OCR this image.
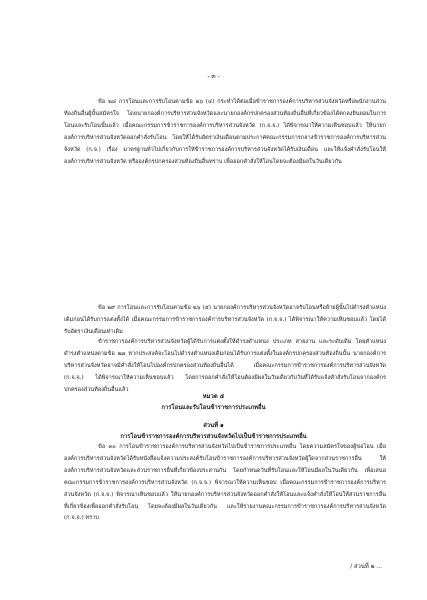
- ๓ -

ข้อ ๒๘ การโอนและการรับโอนตามข้อ ๒๖ (๔) กระทำได้ต่อเมื่อข้าราชการองค์การบริหารส่วนจังหวัดหรือพนักงานส่วนท้องถิ่นอื่นผู้นั้นสมัครใจ โดยนายกองค์การบริหารส่วนจังหวัดและนายกองค์กรปกครองส่วนท้องถิ่นอื่นที่เกี่ยวข้องได้ตกลงยินยอมในการโอนและรับโอนนั้นแล้ว เมื่อคณะกรรมการข้าราชการองค์การบริหารส่วนจังหวัด (ก.จ.จ.) ได้พิจารณาให้ความเห็นชอบแล้ว ให้นายกองค์การบริหารส่วนจังหวัดออกคำสั่งรับโอน โดยให้ได้รับอัตราเงินเดือนตามประกาศคณะกรรมการกลางข้าราชการองค์การบริหารส่วนจังหวัด (ก.จ.) เรื่อง มาตรฐานทั่วไปเกี่ยวกับการให้ข้าราชการองค์การบริหารส่วนจังหวัดได้รับเงินเดือน และให้แจ้งคำสั่งรับโอนให้องค์การบริหารส่วนจังหวัด หรือองค์กรปกครองส่วนท้องถิ่นอื่นทราบ เพื่อออกคำสั่งให้โอนโดยจะต้องมีผลในวันเดียวกัน

ข้อ ๒๙ การโอนและการรับโอนตามข้อ ๒๖ (๕) นายกองค์การบริหารส่วนจังหวัดอาจรับโอนหรือย้ายผู้นั้นไปดำรงตำแหน่งเดิมก่อนได้รับการแต่งตั้งได้ เมื่อคณะกรรมการข้าราชการองค์การบริหารส่วนจังหวัด (ก.จ.จ.) ได้พิจารณาให้ความเห็นชอบแล้ว โดยได้รับอัตราเงินเดือนเท่าเดิม

ข้าราชการองค์การบริหารส่วนจังหวัดผู้ได้รับการแต่งตั้งให้ดำรงตำแหน่ง ประเภท สายงาน และระดับเดิม โดยตำแหน่งดำรงตำแหน่งตามข้อ ๒๗ หากประสงค์จะโอนไปดำรงตำแหน่งเดิมก่อนได้รับการแต่งตั้งในองค์กรปกครองส่วนท้องถิ่นนั้น นายกองค์การบริหารส่วนจังหวัดอาจมีคำสั่งให้โอนไปองค์กรปกครองส่วนท้องถิ่นอื่นได้ เมื่อคณะกรรมการข้าราชการองค์การบริหารส่วนจังหวัด (ก.จ.จ.) ได้พิจารณาให้ความเห็นชอบแล้ว โดยการออกคำสั่งให้โอนต้องมีผลในวันเดียวกับวันที่ได้รับแจ้งคำสั่งรับโอนจากองค์กรปกครองส่วนท้องถิ่นอื่นแล้ว

หมวด ๕
การโอนและรับโอนข้าราชการประเภทอื่น
ส่วนที่ ๑
การโอนข้าราชการองค์การบริหารส่วนจังหวัดไปเป็นข้าราชการประเภทอื่น

ข้อ ๓๐ การโอนข้าราชการองค์การบริหารส่วนจังหวัดไปเป็นข้าราชการประเภทอื่น โดยความสมัครใจของผู้ขอโอน เมื่อองค์การบริหารส่วนจังหวัดได้รับหนังสือแจ้งความประสงค์รับโอนข้าราชการองค์การบริหารส่วนจังหวัดผู้ใดจากส่วนราชการอื่น ให้องค์การบริหารส่วนจังหวัดและส่วนราชการอื่นที่เกี่ยวข้องประสานกัน โดยกำหนดวันที่รับโอนและให้โอนมีผลในวันเดียวกัน เพื่อเสนอคณะกรรมการข้าราชการองค์การบริหารส่วนจังหวัด (ก.จ.จ.) พิจารณาให้ความเห็นชอบ เมื่อคณะกรรมการข้าราชการองค์การบริหารส่วนจังหวัด (ก.จ.จ.) พิจารณาเห็นชอบแล้ว ให้นายกองค์การบริหารส่วนจังหวัดออกคำสั่งให้โอนและแจ้งคำสั่งให้โอนให้ส่วนราชการอื่นที่เกี่ยวข้องเพื่อออกคำสั่งรับโอน โดยจะต้องมีผลในวันเดียวกัน และให้รายงานคณะกรรมการข้าราชการองค์การบริหารส่วนจังหวัด (ก.จ.จ.) ทราบ

/ ส่วนที่ ๒ ...
